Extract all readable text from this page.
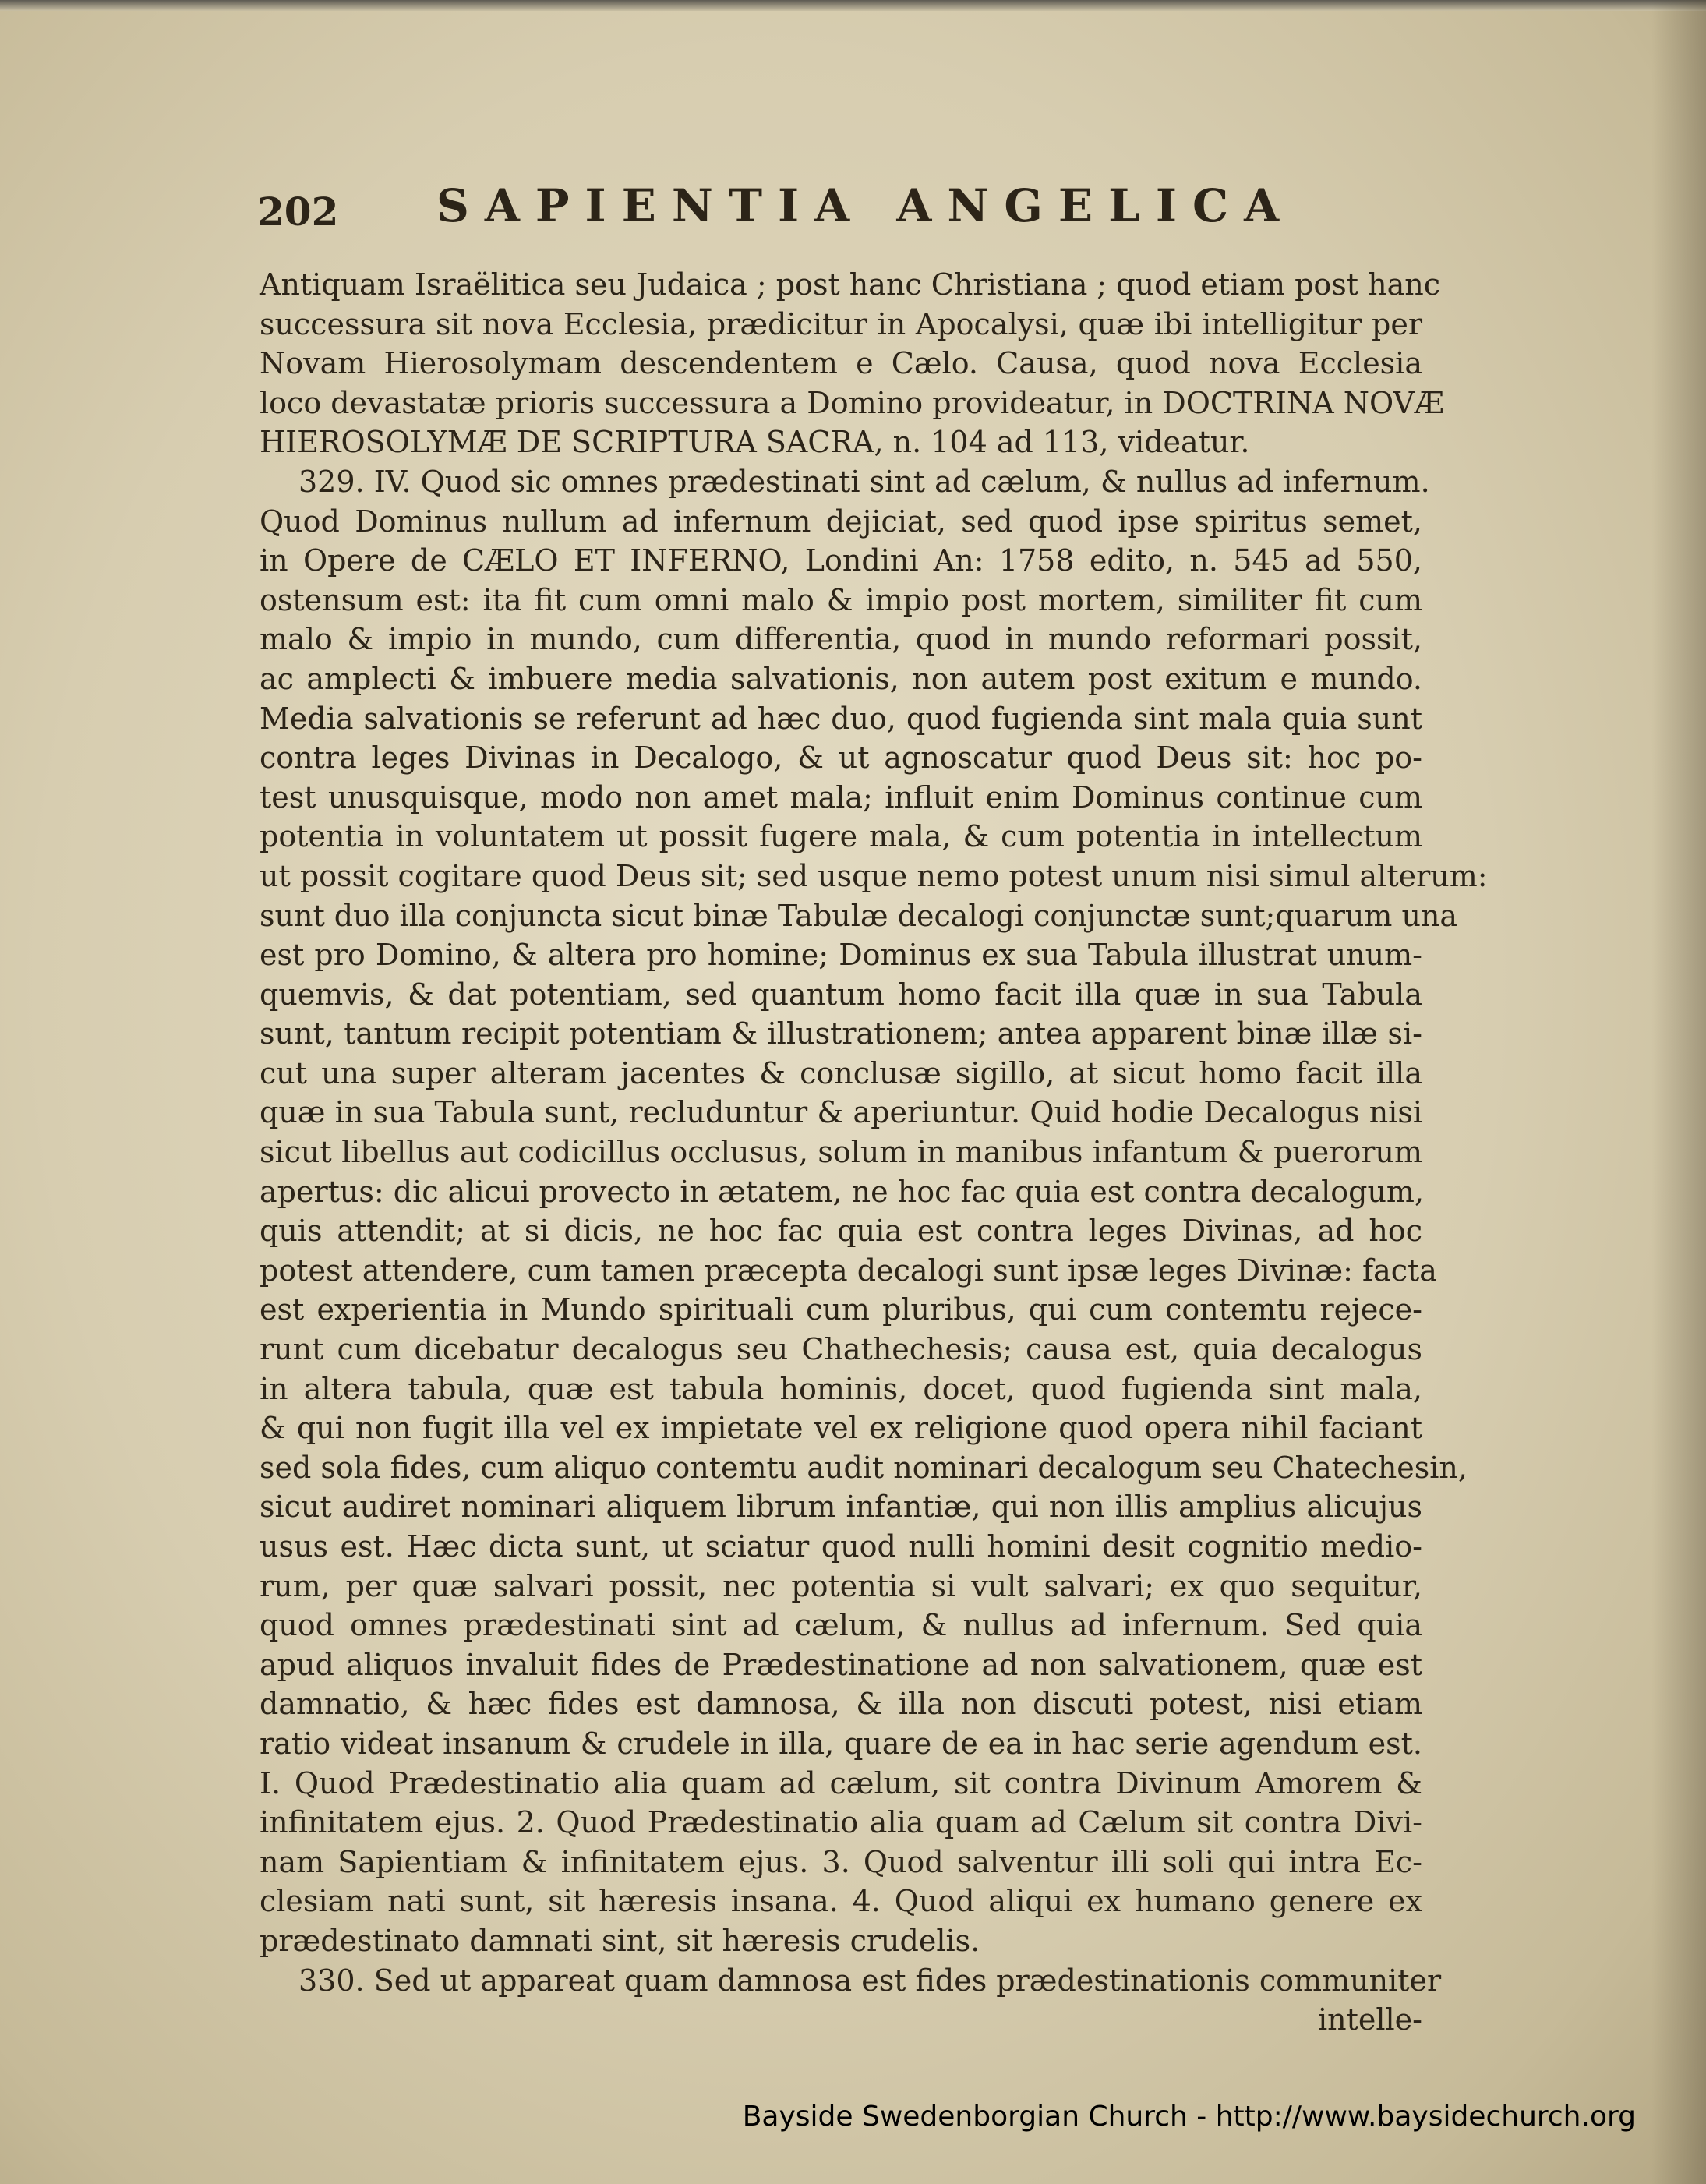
202 SAPIENTIA ANGELICA
Antiquam Israëlitica seu Judaica ; post hanc Christiana ; quod etiam post hanc
successura sit nova Ecclesia, prædicitur in Apocalysi, quæ ibi intelligitur per
Novam Hierosolymam descendentem e Cælo. Causa, quod nova Ecclesia
loco devastatæ prioris successura a Domino provideatur, in DOCTRINA NOVÆ
HIEROSOLYMÆ DE SCRIPTURA SACRA, n. 104 ad 113, videatur.
329. IV. Quod sic omnes prædestinati sint ad cælum, & nullus ad infernum.
Quod Dominus nullum ad infernum dejiciat, sed quod ipse spiritus semet,
in Opere de CÆLO ET INFERNO, Londini An: 1758 edito, n. 545 ad 550,
ostensum est: ita fit cum omni malo & impio post mortem, similiter fit cum
malo & impio in mundo, cum differentia, quod in mundo reformari possit,
ac amplecti & imbuere media salvationis, non autem post exitum e mundo.
Media salvationis se referunt ad hæc duo, quod fugienda sint mala quia sunt
contra leges Divinas in Decalogo, & ut agnoscatur quod Deus sit: hoc po-
test unusquisque, modo non amet mala; influit enim Dominus continue cum
potentia in voluntatem ut possit fugere mala, & cum potentia in intellectum
ut possit cogitare quod Deus sit; sed usque nemo potest unum nisi simul alterum:
sunt duo illa conjuncta sicut binæ Tabulæ decalogi conjunctæ sunt;quarum una
est pro Domino, & altera pro homine; Dominus ex sua Tabula illustrat unum-
quemvis, & dat potentiam, sed quantum homo facit illa quæ in sua Tabula
sunt, tantum recipit potentiam & illustrationem; antea apparent binæ illæ si-
cut una super alteram jacentes & conclusæ sigillo, at sicut homo facit illa
quæ in sua Tabula sunt, recluduntur & aperiuntur. Quid hodie Decalogus nisi
sicut libellus aut codicillus occlusus, solum in manibus infantum & puerorum
apertus: dic alicui provecto in ætatem, ne hoc fac quia est contra decalogum,
quis attendit; at si dicis, ne hoc fac quia est contra leges Divinas, ad hoc
potest attendere, cum tamen præcepta decalogi sunt ipsæ leges Divinæ: facta
est experientia in Mundo spirituali cum pluribus, qui cum contemtu rejece-
runt cum dicebatur decalogus seu Chathechesis; causa est, quia decalogus
in altera tabula, quæ est tabula hominis, docet, quod fugienda sint mala,
& qui non fugit illa vel ex impietate vel ex religione quod opera nihil faciant
sed sola fides, cum aliquo contemtu audit nominari decalogum seu Chatechesin,
sicut audiret nominari aliquem librum infantiæ, qui non illis amplius alicujus
usus est. Hæc dicta sunt, ut sciatur quod nulli homini desit cognitio medio-
rum, per quæ salvari possit, nec potentia si vult salvari; ex quo sequitur,
quod omnes prædestinati sint ad cælum, & nullus ad infernum. Sed quia
apud aliquos invaluit fides de Prædestinatione ad non salvationem, quæ est
damnatio, & hæc fides est damnosa, & illa non discuti potest, nisi etiam
ratio videat insanum & crudele in illa, quare de ea in hac serie agendum est.
I. Quod Prædestinatio alia quam ad cælum, sit contra Divinum Amorem &
infinitatem ejus. 2. Quod Prædestinatio alia quam ad Cælum sit contra Divi-
nam Sapientiam & infinitatem ejus. 3. Quod salventur illi soli qui intra Ec-
clesiam nati sunt, sit hæresis insana. 4. Quod aliqui ex humano genere ex
prædestinato damnati sint, sit hæresis crudelis.
330. Sed ut appareat quam damnosa est fides prædestinationis communiter
intelle-
Bayside Swedenborgian Church - http://www.baysidechurch.org
